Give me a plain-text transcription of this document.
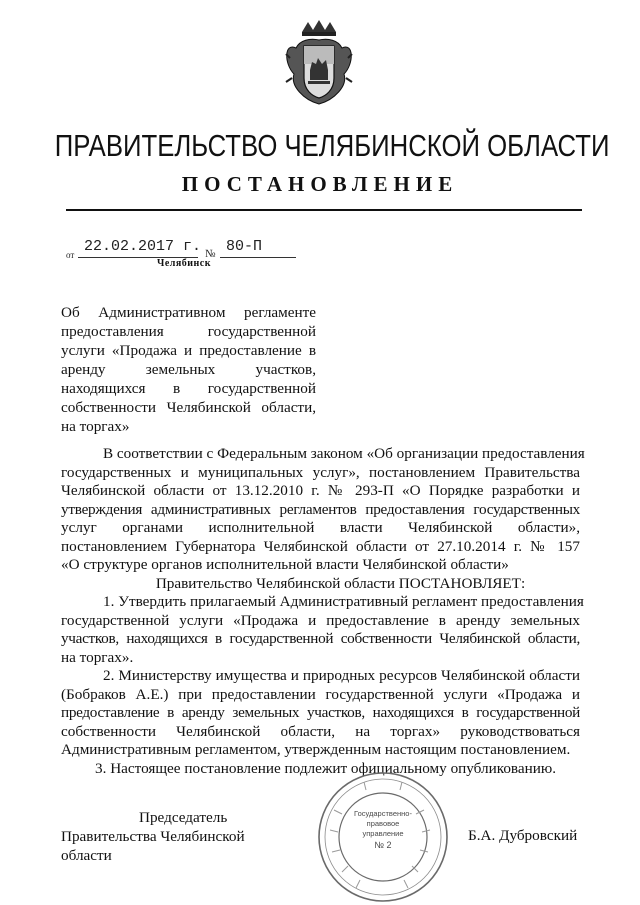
ПРАВИТЕЛЬСТВО ЧЕЛЯБИНСКОЙ ОБЛАСТИ
ПОСТАНОВЛЕНИЕ
от 22.02.2017 г. № 80-П
Челябинск
Об Административном регламенте
предоставления государственной
услуги «Продажа и предоставление в
аренду земельных участков,
находящихся в государственной
собственности Челябинской области,
на торгах»
В соответствии с Федеральным законом «Об организации предоставления
государственных и муниципальных услуг», постановлением Правительства
Челябинской области от 13.12.2010 г. № 293-П «О Порядке разработки и
утверждения административных регламентов предоставления государственных
услуг органами исполнительной власти Челябинской области»,
постановлением Губернатора Челябинской области от 27.10.2014 г. № 157
«О структуре органов исполнительной власти Челябинской области»
Правительство Челябинской области ПОСТАНОВЛЯЕТ:
1. Утвердить прилагаемый Административный регламент предоставления
государственной услуги «Продажа и предоставление в аренду земельных
участков, находящихся в государственной собственности Челябинской области,
на торгах».
2. Министерству имущества и природных ресурсов Челябинской области
(Бобраков А.Е.) при предоставлении государственной услуги «Продажа и
предоставление в аренду земельных участков, находящихся в государственной
собственности Челябинской области, на торгах» руководствоваться
Административным регламентом, утвержденным настоящим постановлением.
3. Настоящее постановление подлежит официальному опубликованию.
Председатель
Правительства Челябинской области
Б.А. Дубровский
Государственно-
правовое
управление
№ 2
